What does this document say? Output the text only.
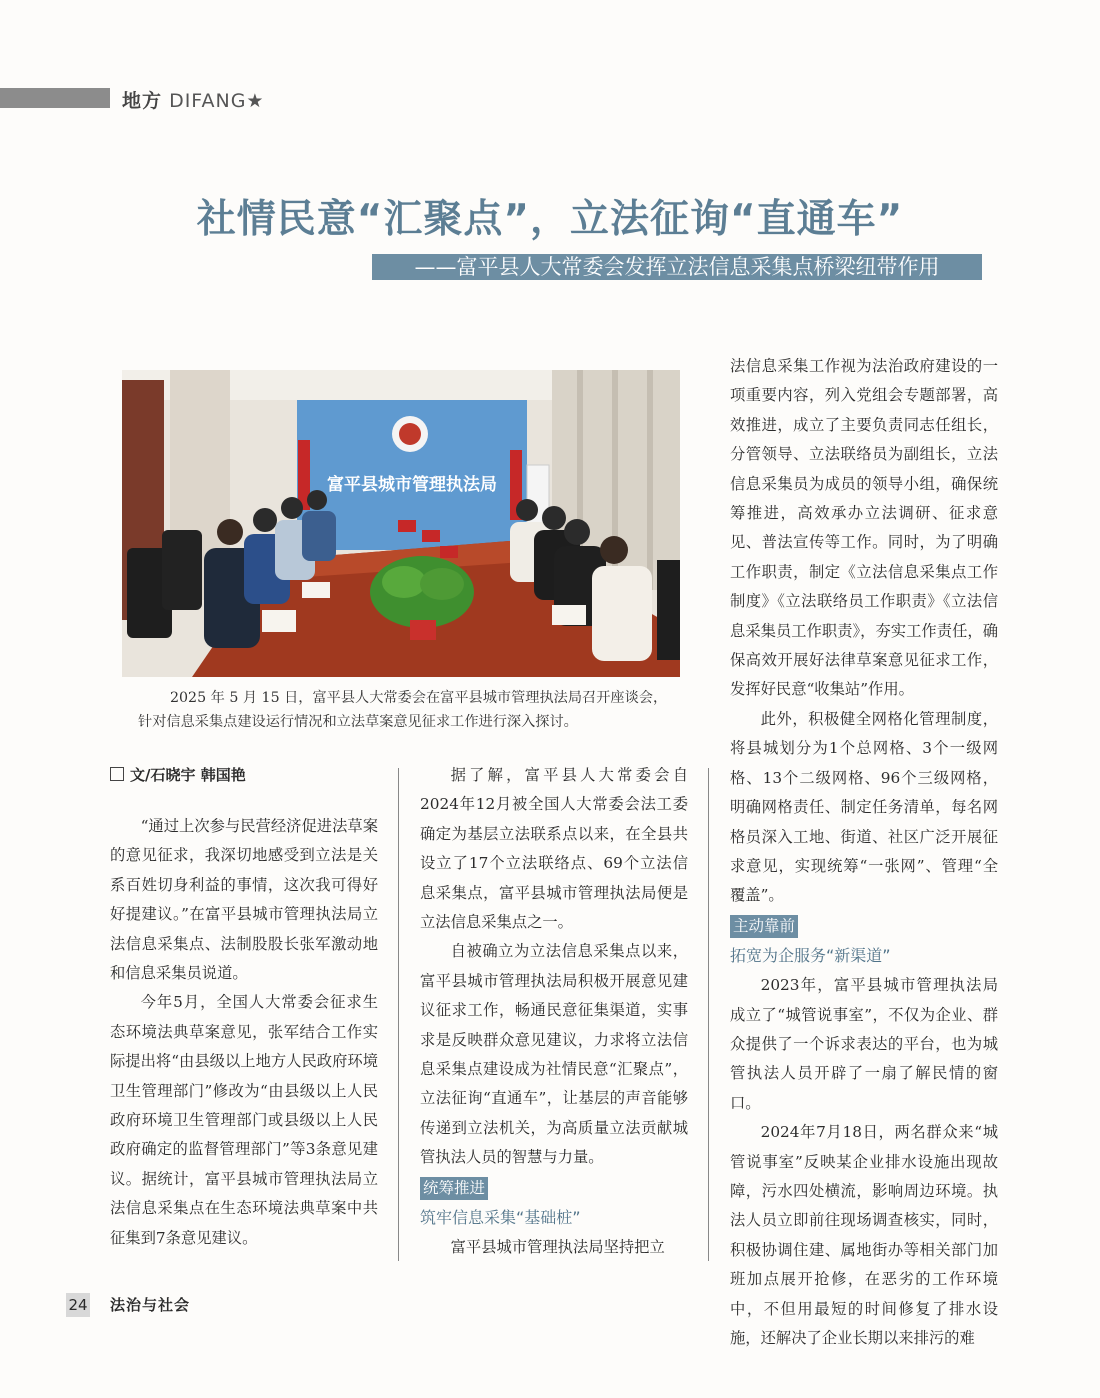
地方 DIFANG★
社情民意“汇聚点”，立法征询“直通车”
——富平县人大常委会发挥立法信息采集点桥梁纽带作用
富平县城市管理执法局
2025 年 5 月 15 日，富平县人大常委会在富平县城市管理执法局召开座谈会，
针对信息采集点建设运行情况和立法草案意见征求工作进行深入探讨。
文/石晓宇 韩国艳

“通过上次参与民营经济促进法草案的意见征求，我深切地感受到立法是关系百姓切身利益的事情，这次我可得好好提建议。”在富平县城市管理执法局立法信息采集点、法制股股长张军激动地和信息采集员说道。

今年5月，全国人大常委会征求生态环境法典草案意见，张军结合工作实际提出将“由县级以上地方人民政府环境卫生管理部门”修改为“由县级以上人民政府环境卫生管理部门或县级以上人民政府确定的监督管理部门”等3条意见建议。据统计，富平县城市管理执法局立法信息采集点在生态环境法典草案中共征集到7条意见建议。

据了解，富平县人大常委会自2024年12月被全国人大常委会法工委确定为基层立法联系点以来，在全县共设立了17个立法联络点、69个立法信息采集点，富平县城市管理执法局便是立法信息采集点之一。

自被确立为立法信息采集点以来，富平县城市管理执法局积极开展意见建议征求工作，畅通民意征集渠道，实事求是反映群众意见建议，力求将立法信息采集点建设成为社情民意“汇聚点”，立法征询“直通车”，让基层的声音能够传递到立法机关，为高质量立法贡献城管执法人员的智慧与力量。

统筹推进
筑牢信息采集“基础桩”

富平县城市管理执法局坚持把立

法信息采集工作视为法治政府建设的一项重要内容，列入党组会专题部署，高效推进，成立了主要负责同志任组长，分管领导、立法联络员为副组长，立法信息采集员为成员的领导小组，确保统筹推进，高效承办立法调研、征求意见、普法宣传等工作。同时，为了明确工作职责，制定《立法信息采集点工作制度》《立法联络员工作职责》《立法信息采集员工作职责》，夯实工作责任，确保高效开展好法律草案意见征求工作，发挥好民意“收集站”作用。

此外，积极健全网格化管理制度，将县城划分为1个总网格、3个一级网格、13个二级网格、96个三级网格，明确网格责任、制定任务清单，每名网格员深入工地、街道、社区广泛开展征求意见，实现统筹“一张网”、管理“全覆盖”。

主动靠前
拓宽为企服务“新渠道”

2023年，富平县城市管理执法局成立了“城管说事室”，不仅为企业、群众提供了一个诉求表达的平台，也为城管执法人员开辟了一扇了解民情的窗口。

2024年7月18日，两名群众来“城管说事室”反映某企业排水设施出现故障，污水四处横流，影响周边环境。执法人员立即前往现场调查核实，同时，积极协调住建、属地街办等相关部门加班加点展开抢修，在恶劣的工作环境中，不但用最短的时间修复了排水设施，还解决了企业长期以来排污的难

24 法治与社会
